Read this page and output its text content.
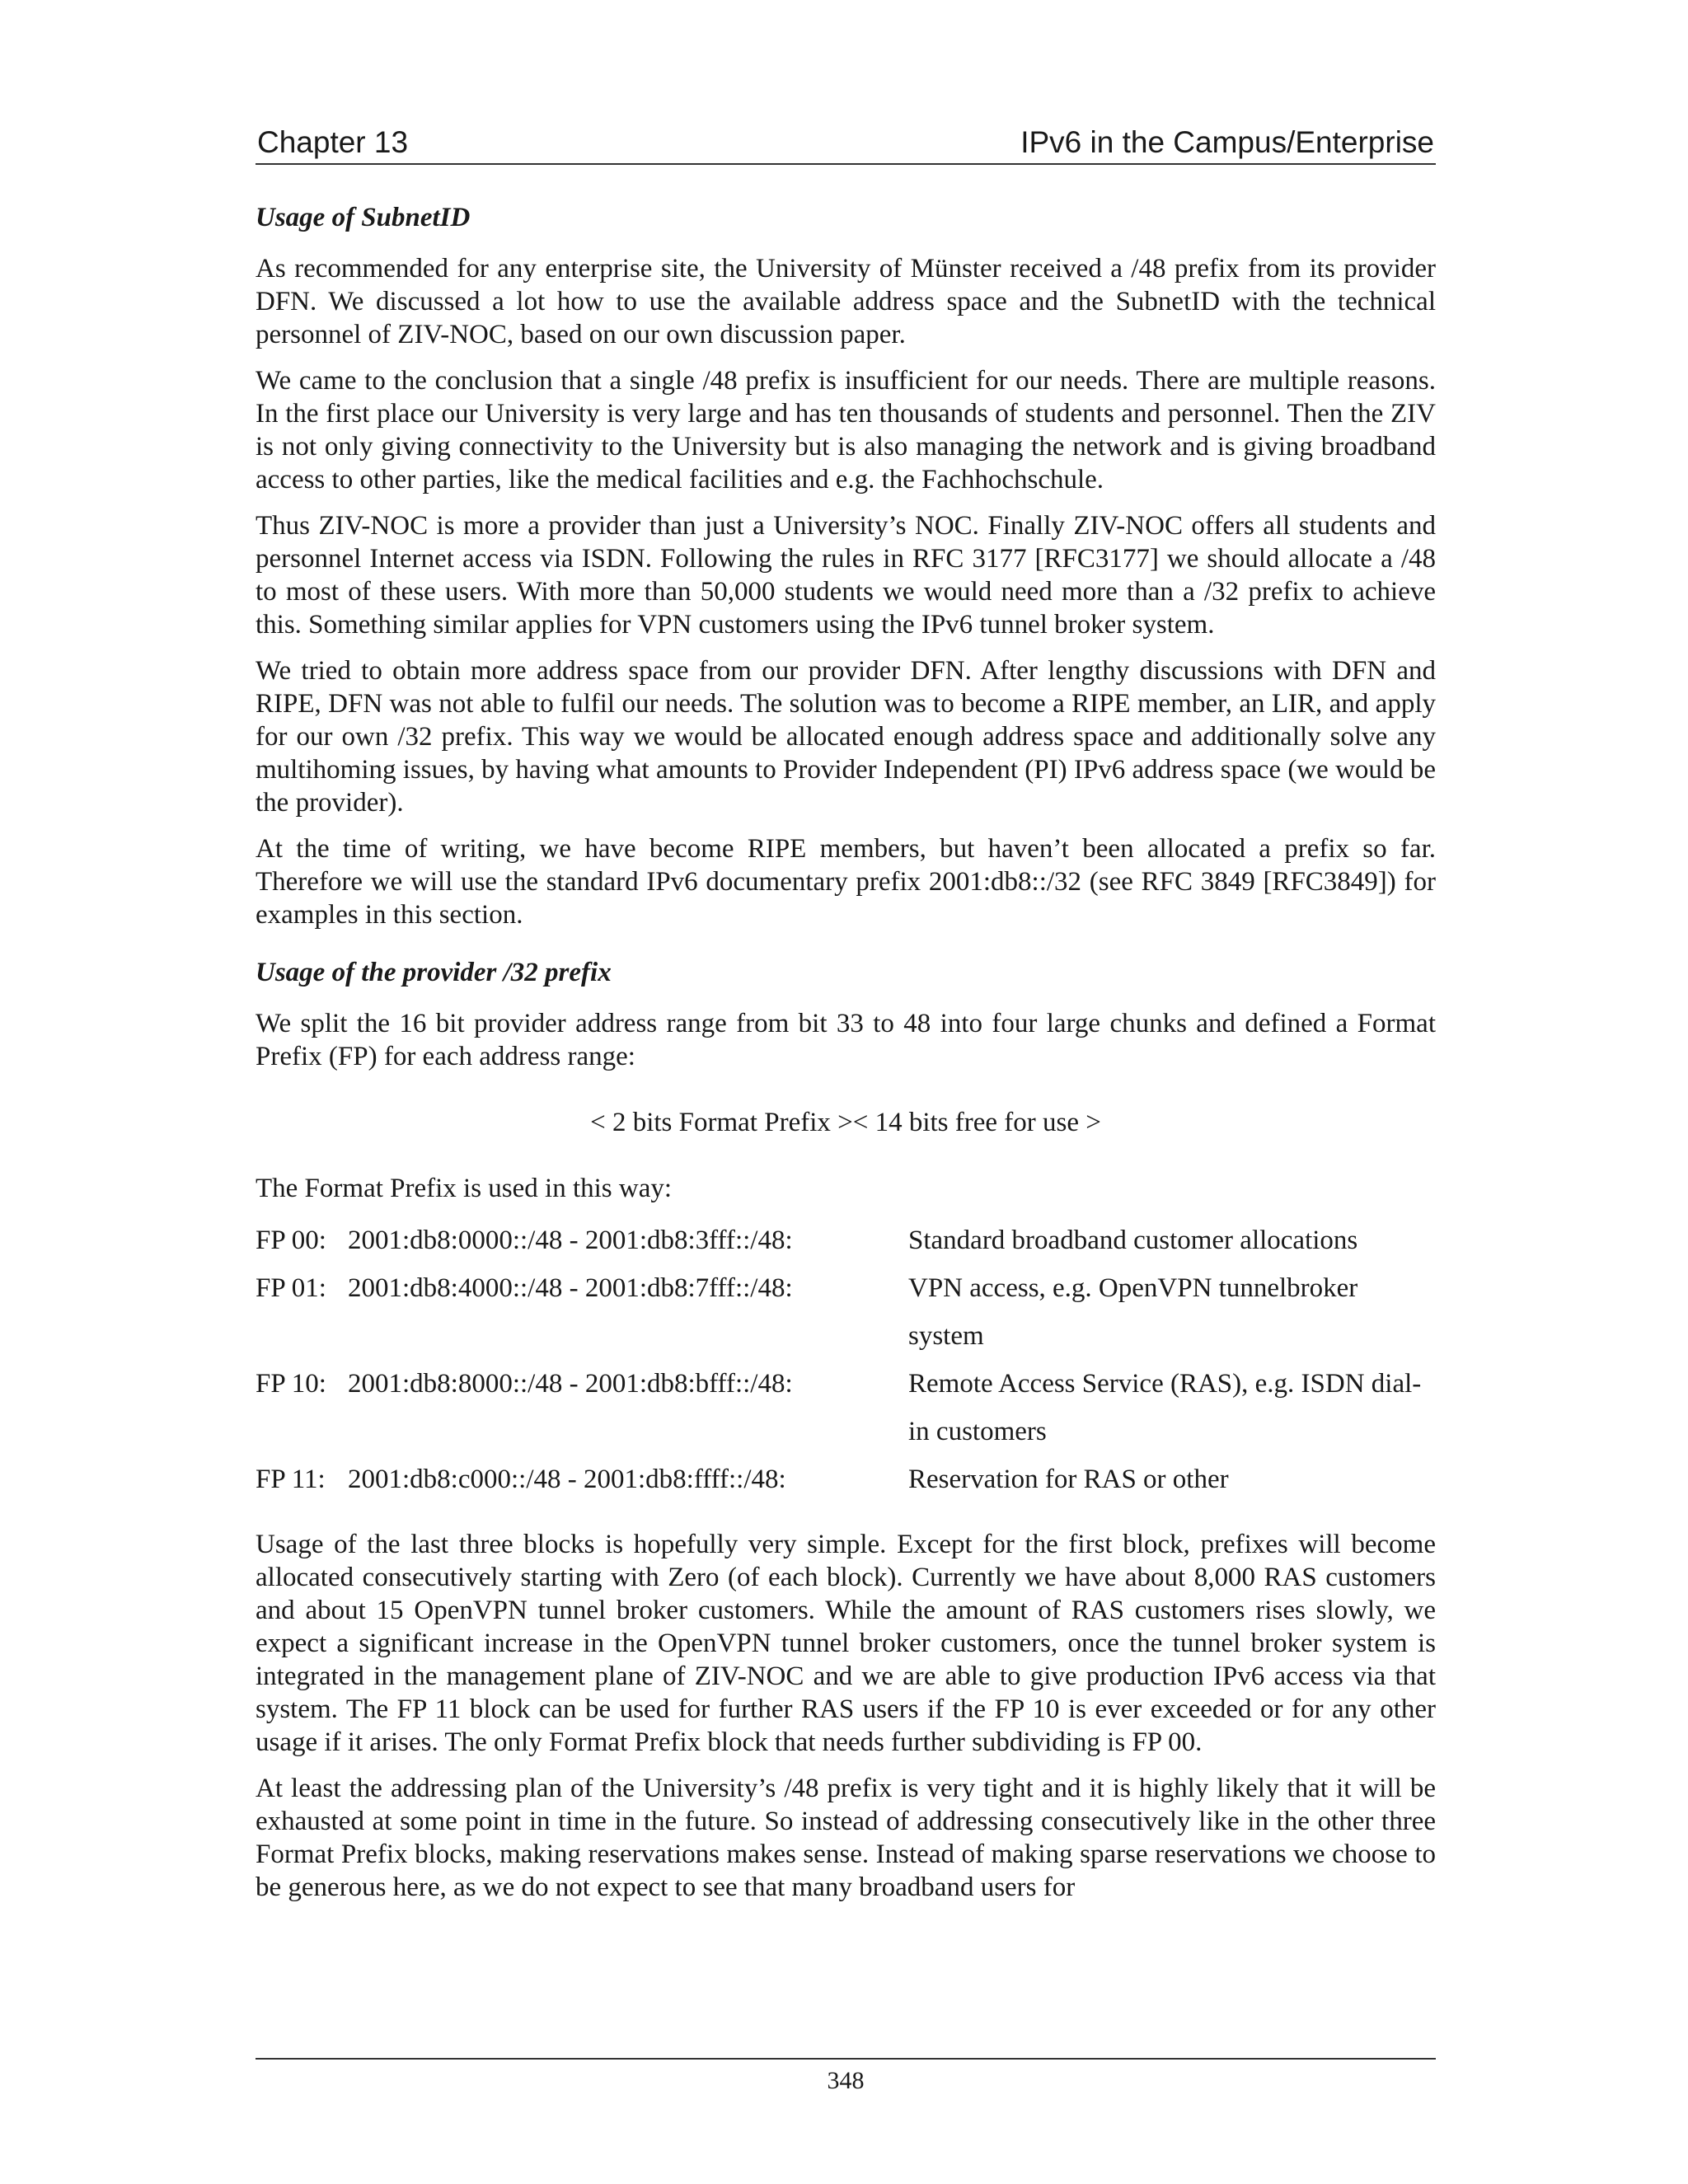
Chapter 13	IPv6 in the Campus/Enterprise
Usage of SubnetID

As recommended for any enterprise site, the University of Münster received a /48 prefix from its provider DFN. We discussed a lot how to use the available address space and the SubnetID with the technical personnel of ZIV-NOC, based on our own discussion paper.

We came to the conclusion that a single /48 prefix is insufficient for our needs. There are multiple reasons. In the first place our University is very large and has ten thousands of students and personnel. Then the ZIV is not only giving connectivity to the University but is also managing the network and is giving broadband access to other parties, like the medical facilities and e.g. the Fachhochschule.

Thus ZIV-NOC is more a provider than just a University’s NOC. Finally ZIV-NOC offers all students and personnel Internet access via ISDN. Following the rules in RFC 3177 [RFC3177] we should allocate a /48 to most of these users. With more than 50,000 students we would need more than a /32 prefix to achieve this. Something similar applies for VPN customers using the IPv6 tunnel broker system.

We tried to obtain more address space from our provider DFN. After lengthy discussions with DFN and RIPE, DFN was not able to fulfil our needs. The solution was to become a RIPE member, an LIR, and apply for our own /32 prefix. This way we would be allocated enough address space and additionally solve any multihoming issues, by having what amounts to Provider Independent (PI) IPv6 address space (we would be the provider).

At the time of writing, we have become RIPE members, but haven’t been allocated a prefix so far. Therefore we will use the standard IPv6 documentary prefix 2001:db8::/32 (see RFC 3849 [RFC3849]) for examples in this section.

Usage of the provider /32 prefix

We split the 16 bit provider address range from bit 33 to 48 into four large chunks and defined a Format Prefix (FP) for each address range:

< 2 bits Format Prefix >< 14 bits free for use >
The Format Prefix is used in this way:
FP 00:	2001:db8:0000::/48 - 2001:db8:3fff::/48:	Standard broadband customer allocations
FP 01:	2001:db8:4000::/48 - 2001:db8:7fff::/48:	VPN access, e.g. OpenVPN tunnelbroker system
FP 10:	2001:db8:8000::/48 - 2001:db8:bfff::/48:	Remote Access Service (RAS), e.g. ISDN dial-in customers
FP 11:	2001:db8:c000::/48 - 2001:db8:ffff::/48:	Reservation for RAS or other

Usage of the last three blocks is hopefully very simple. Except for the first block, prefixes will become allocated consecutively starting with Zero (of each block). Currently we have about 8,000 RAS customers and about 15 OpenVPN tunnel broker customers. While the amount of RAS customers rises slowly, we expect a significant increase in the OpenVPN tunnel broker customers, once the tunnel broker system is integrated in the management plane of ZIV-NOC and we are able to give production IPv6 access via that system. The FP 11 block can be used for further RAS users if the FP 10 is ever exceeded or for any other usage if it arises. The only Format Prefix block that needs further subdividing is FP 00.

At least the addressing plan of the University’s /48 prefix is very tight and it is highly likely that it will be exhausted at some point in time in the future. So instead of addressing consecutively like in the other three Format Prefix blocks, making reservations makes sense. Instead of making sparse reservations we choose to be generous here, as we do not expect to see that many broadband users for

348
